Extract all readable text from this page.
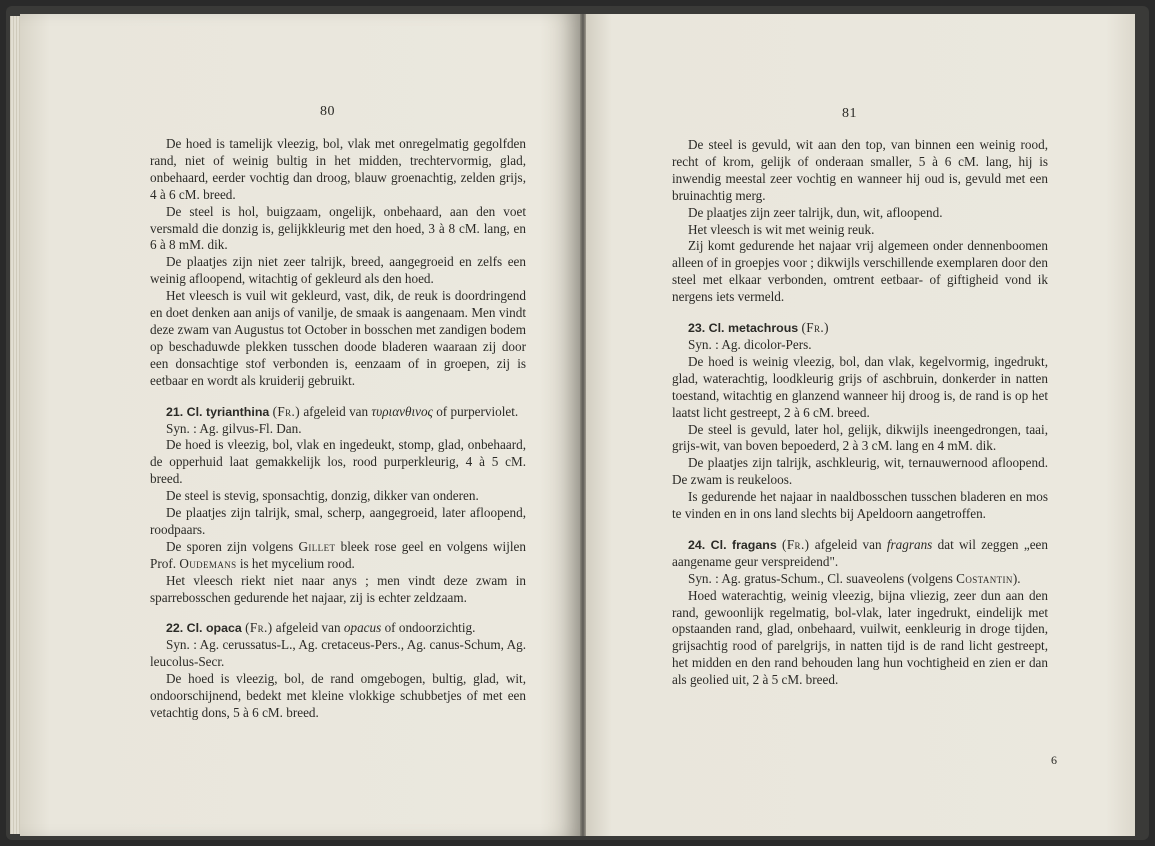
80

De hoed is tamelijk vleezig, bol, vlak met onregelmatig gegolfden rand, niet of weinig bultig in het midden, trechtervormig, glad, onbehaard, eerder vochtig dan droog, blauw groenachtig, zelden grijs, 4 à 6 cM. breed.

De steel is hol, buigzaam, ongelijk, onbehaard, aan den voet versmald die donzig is, gelijkkleurig met den hoed, 3 à 8 cM. lang, en 6 à 8 mM. dik.

De plaatjes zijn niet zeer talrijk, breed, aangegroeid en zelfs een weinig afloopend, witachtig of gekleurd als den hoed.

Het vleesch is vuil wit gekleurd, vast, dik, de reuk is doordringend en doet denken aan anijs of vanilje, de smaak is aangenaam. Men vindt deze zwam van Augustus tot October in bosschen met zandigen bodem op beschaduwde plekken tusschen doode bladeren waaraan zij door een donsachtige stof verbonden is, eenzaam of in groepen, zij is eetbaar en wordt als kruiderij gebruikt.

21. Cl. tyrianthina (Fr.) afgeleid van τυριανθινος of purperviolet.

Syn. : Ag. gilvus-Fl. Dan.

De hoed is vleezig, bol, vlak en ingedeukt, stomp, glad, onbehaard, de opperhuid laat gemakkelijk los, rood purperkleurig, 4 à 5 cM. breed.

De steel is stevig, sponsachtig, donzig, dikker van onderen.

De plaatjes zijn talrijk, smal, scherp, aangegroeid, later afloopend, roodpaars.

De sporen zijn volgens Gillet bleek rose geel en volgens wijlen Prof. Oudemans is het mycelium rood.

Het vleesch riekt niet naar anys ; men vindt deze zwam in sparrebosschen gedurende het najaar, zij is echter zeldzaam.

22. Cl. opaca (Fr.) afgeleid van opacus of ondoorzichtig.

Syn. : Ag. cerussatus-L., Ag. cretaceus-Pers., Ag. canus-Schum, Ag. leucolus-Secr.

De hoed is vleezig, bol, de rand omgebogen, bultig, glad, wit, ondoorschijnend, bedekt met kleine vlokkige schubbetjes of met een vetachtig dons, 5 à 6 cM. breed.

81

De steel is gevuld, wit aan den top, van binnen een weinig rood, recht of krom, gelijk of onderaan smaller, 5 à 6 cM. lang, hij is inwendig meestal zeer vochtig en wanneer hij oud is, gevuld met een bruinachtig merg.

De plaatjes zijn zeer talrijk, dun, wit, afloopend.

Het vleesch is wit met weinig reuk.

Zij komt gedurende het najaar vrij algemeen onder dennenboomen alleen of in groepjes voor ; dikwijls verschillende exemplaren door den steel met elkaar verbonden, omtrent eetbaar- of giftigheid vond ik nergens iets vermeld.

23. Cl. metachrous (Fr.)

Syn. : Ag. dicolor-Pers.

De hoed is weinig vleezig, bol, dan vlak, kegelvormig, ingedrukt, glad, waterachtig, loodkleurig grijs of aschbruin, donkerder in natten toestand, witachtig en glanzend wanneer hij droog is, de rand is op het laatst licht gestreept, 2 à 6 cM. breed.

De steel is gevuld, later hol, gelijk, dikwijls ineengedrongen, taai, grijs-wit, van boven bepoederd, 2 à 3 cM. lang en 4 mM. dik.

De plaatjes zijn talrijk, aschkleurig, wit, ternauwernood afloopend. De zwam is reukeloos.

Is gedurende het najaar in naaldbosschen tusschen bladeren en mos te vinden en in ons land slechts bij Apeldoorn aangetroffen.

24. Cl. fragans (Fr.) afgeleid van fragrans dat wil zeggen „een aangename geur verspreidend".

Syn. : Ag. gratus-Schum., Cl. suaveolens (volgens Costantin).

Hoed waterachtig, weinig vleezig, bijna vliezig, zeer dun aan den rand, gewoonlijk regelmatig, bol-vlak, later ingedrukt, eindelijk met opstaanden rand, glad, onbehaard, vuilwit, eenkleurig in droge tijden, grijsachtig rood of parelgrijs, in natten tijd is de rand licht gestreept, het midden en den rand behouden lang hun vochtigheid en zien er dan als geolied uit, 2 à 5 cM. breed.

6
